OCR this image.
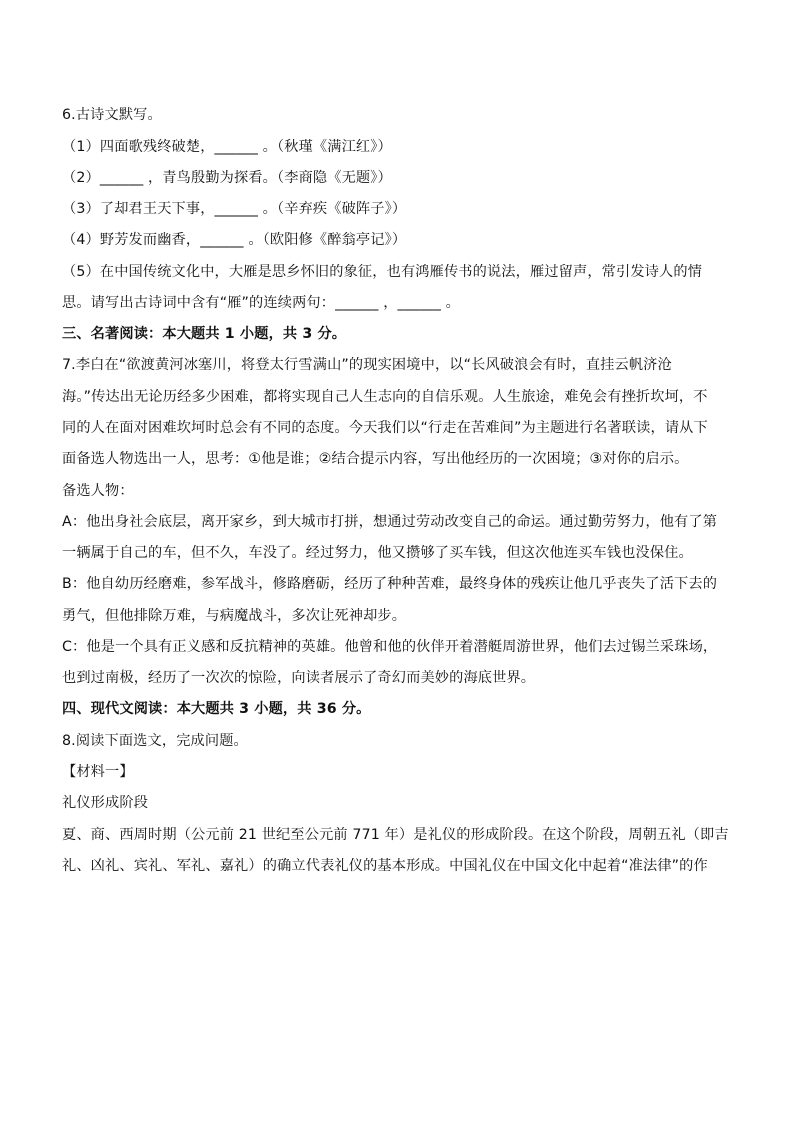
6.古诗文默写。
（1）四面歌残终破楚，______ 。（秋瑾《满江红》）
（2）______ ，青鸟殷勤为探看。（李商隐《无题》）
（3）了却君王天下事，______ 。（辛弃疾《破阵子》）
（4）野芳发而幽香，______ 。（欧阳修《醉翁亭记》）
（5）在中国传统文化中，大雁是思乡怀旧的象征，也有鸿雁传书的说法，雁过留声，常引发诗人的情
思。请写出古诗词中含有“雁”的连续两句：______ ，______ 。
三、名著阅读：本大题共 1 小题，共 3 分。
7.李白在“欲渡黄河冰塞川，将登太行雪满山”的现实困境中，以“长风破浪会有时，直挂云帆济沧
海。”传达出无论历经多少困难，都将实现自己人生志向的自信乐观。人生旅途，难免会有挫折坎坷，不
同的人在面对困难坎坷时总会有不同的态度。今天我们以“行走在苦难间”为主题进行名著联读，请从下
面备选人物选出一人，思考：①他是谁；②结合提示内容，写出他经历的一次困境；③对你的启示。
备选人物：
A：他出身社会底层，离开家乡，到大城市打拼，想通过劳动改变自己的命运。通过勤劳努力，他有了第
一辆属于自己的车，但不久，车没了。经过努力，他又攒够了买车钱，但这次他连买车钱也没保住。
B：他自幼历经磨难，参军战斗，修路磨砺，经历了种种苦难，最终身体的残疾让他几乎丧失了活下去的
勇气，但他排除万难，与病魔战斗，多次让死神却步。
C：他是一个具有正义感和反抗精神的英雄。他曾和他的伙伴开着潜艇周游世界，他们去过锡兰采珠场，
也到过南极，经历了一次次的惊险，向读者展示了奇幻而美妙的海底世界。
四、现代文阅读：本大题共 3 小题，共 36 分。
8.阅读下面选文，完成问题。
【材料一】
礼仪形成阶段
夏、商、西周时期（公元前 21 世纪至公元前 771 年）是礼仪的形成阶段。在这个阶段，周朝五礼（即吉
礼、凶礼、宾礼、军礼、嘉礼）的确立代表礼仪的基本形成。中国礼仪在中国文化中起着“准法律”的作
